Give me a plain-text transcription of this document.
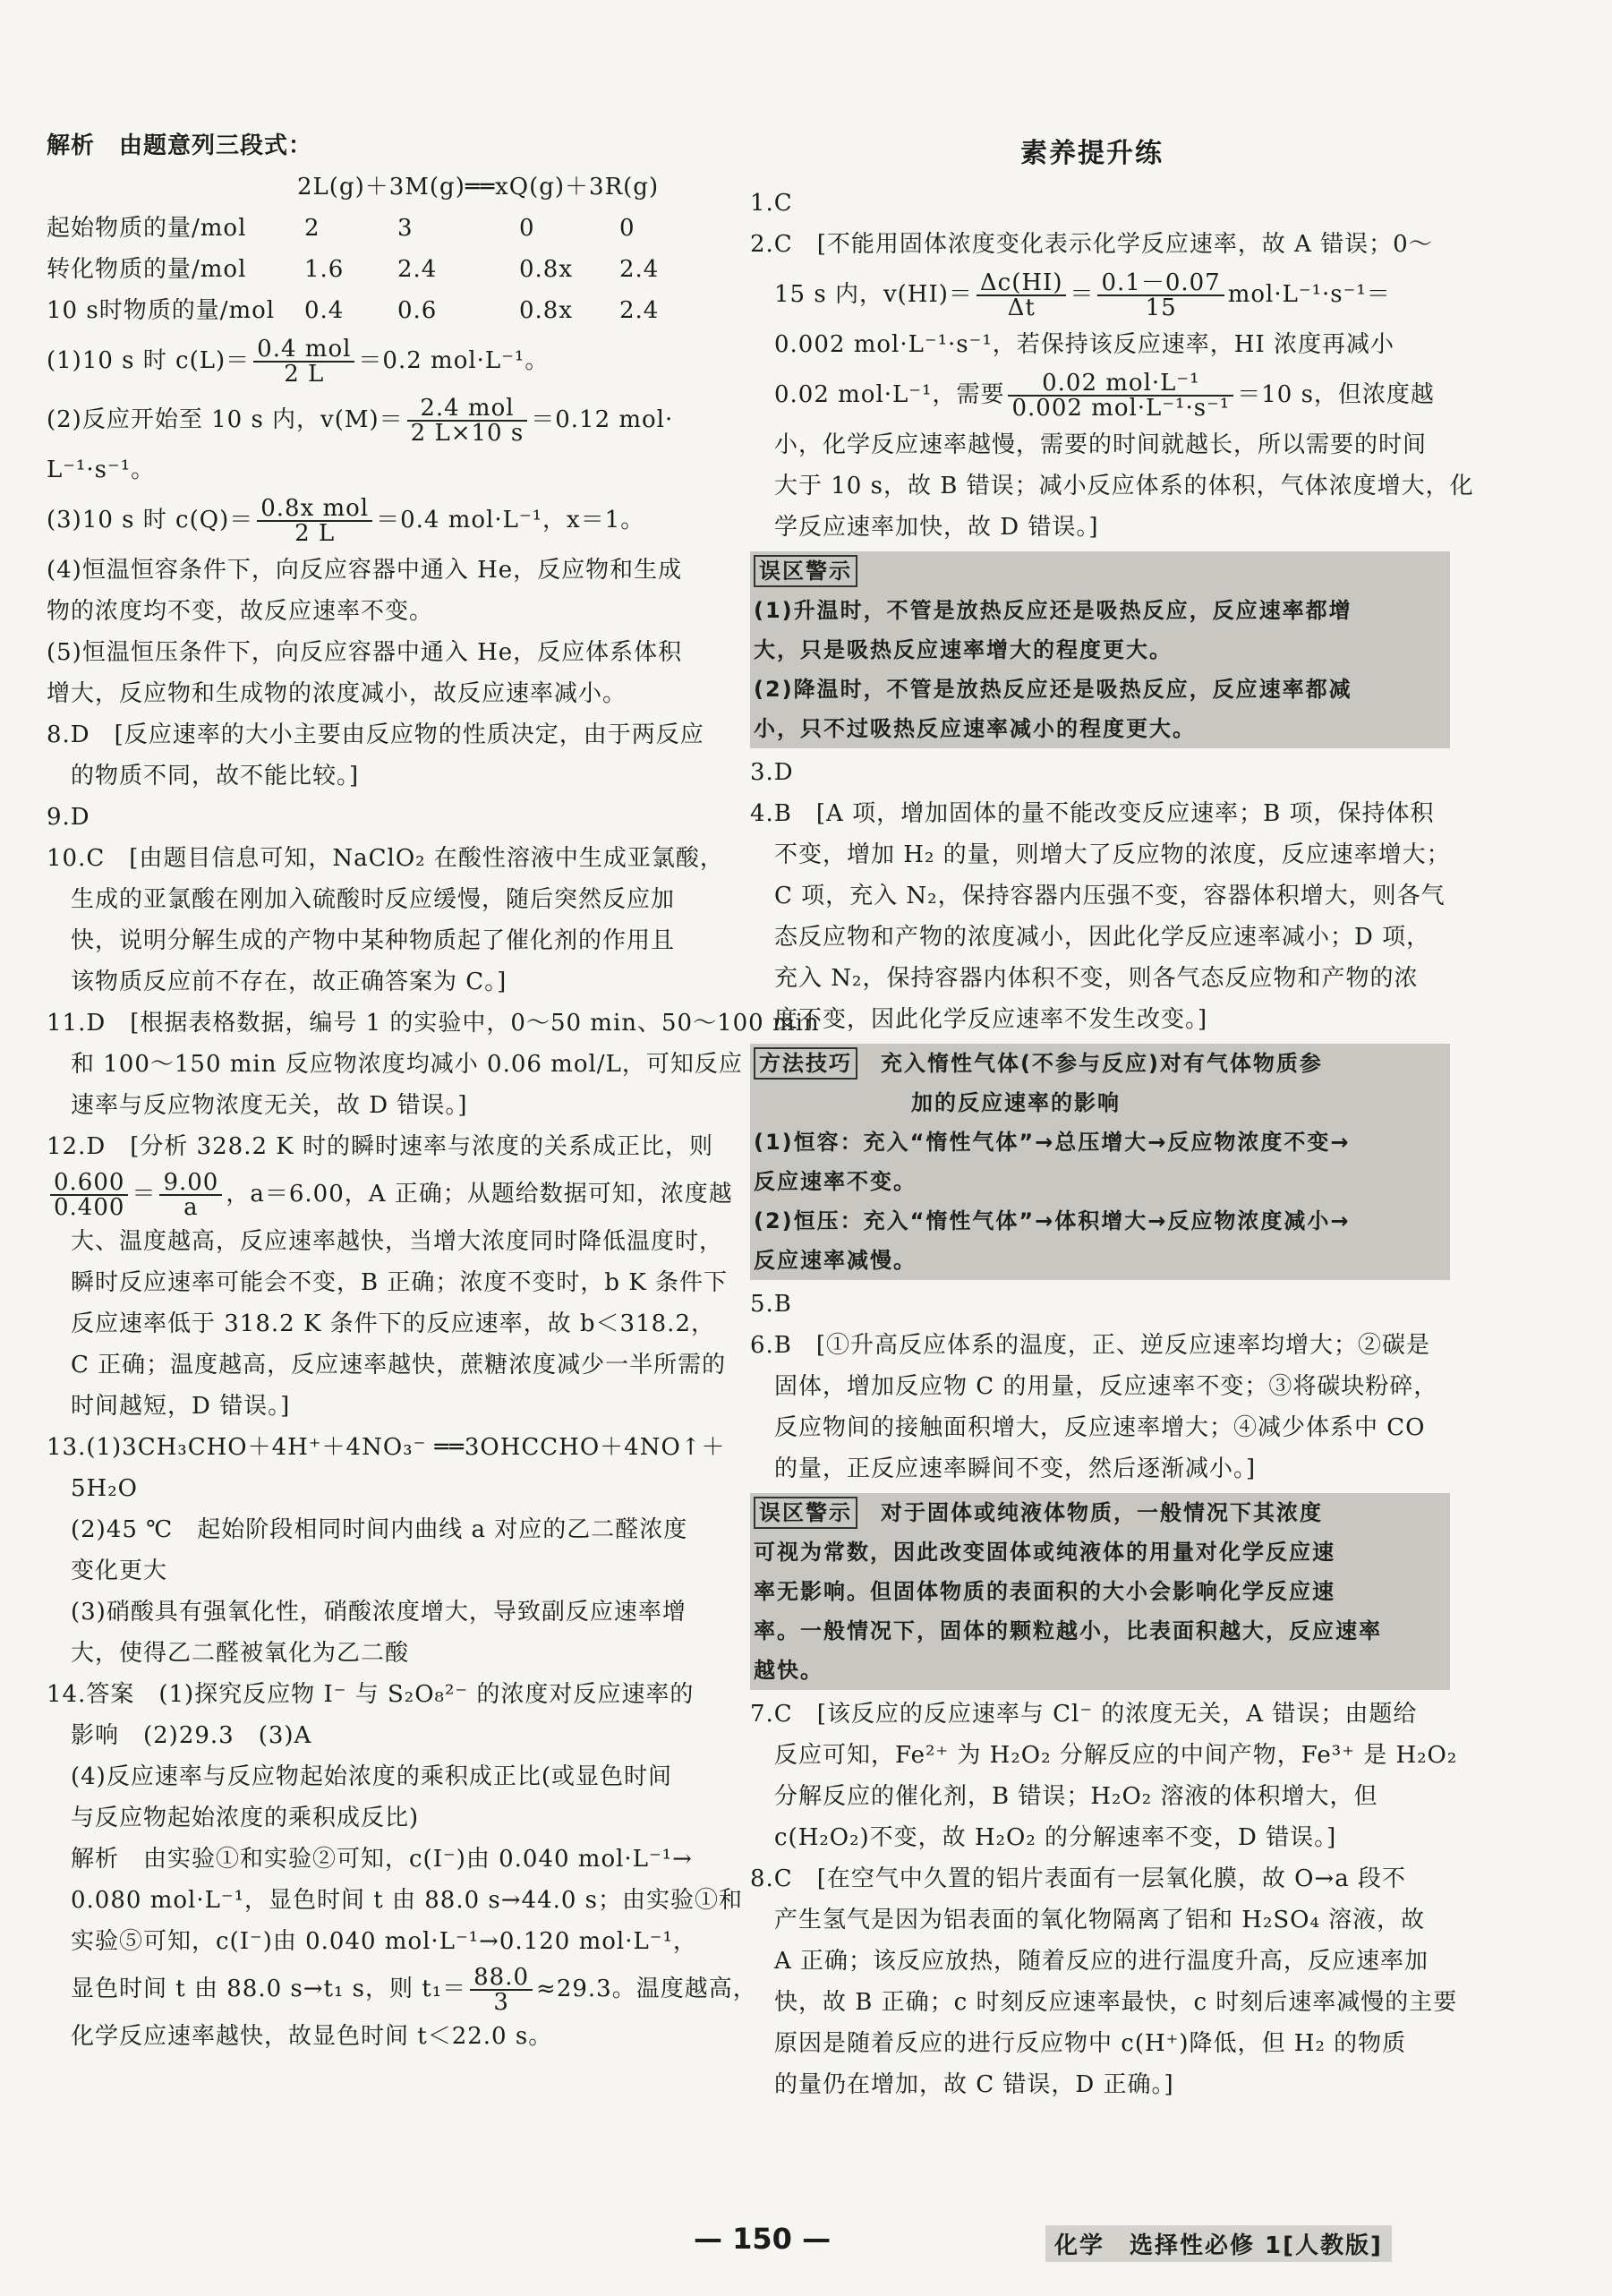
解析　由题意列三段式：

2L(g)＋3M(g)══xQ(g)＋3R(g)

起始物质的量/mol	2	3	0	0
转化物质的量/mol	1.6	2.4	0.8x	2.4
10 s时物质的量/mol	0.4	0.6	0.8x	2.4

(1)10 s 时 $c(L)= \frac{\text{0.4 mol}}{2 L} =0.2$ mol·L⁻¹。

(2)反应开始至 10 s 内，$v(M)= \frac{\text{2.4 mol}}{2 L\times 10 s} =0.12$ mol·

L⁻¹·s⁻¹。

(3)10 s 时 $c(Q)= \frac{\text{0.8x mol}}{2 L} =0.4$ mol·L⁻¹，x＝1。

(4)恒温恒容条件下，向反应容器中通入 He，反应物和生成

物的浓度均不变，故反应速率不变。

(5)恒温恒压条件下，向反应容器中通入 He，反应体系体积

增大，反应物和生成物的浓度减小，故反应速率减小。

8.D　[反应速率的大小主要由反应物的性质决定，由于两反应

　的物质不同，故不能比较。]

9.D

10.C　[由题目信息可知，NaClO₂ 在酸性溶液中生成亚氯酸，

　生成的亚氯酸在刚加入硫酸时反应缓慢，随后突然反应加

　快，说明分解生成的产物中某种物质起了催化剂的作用且

　该物质反应前不存在，故正确答案为 C。]

11.D　[根据表格数据，编号 1 的实验中，0～50 min、50～100 min

　和 100～150 min 反应物浓度均减小 0.06 mol/L，可知反应

　速率与反应物浓度无关，故 D 错误。]

12.D　[分析 328.2 K 时的瞬时速率与浓度的关系成正比，则

$\frac{0.600}{0.400} = \frac{9.00}{a}$ ，a＝6.00，A 正确；从题给数据可知，浓度越

　大、温度越高，反应速率越快，当增大浓度同时降低温度时，

　瞬时反应速率可能会不变，B 正确；浓度不变时，b K 条件下

　反应速率低于 318.2 K 条件下的反应速率，故 b＜318.2，

　C 正确；温度越高，反应速率越快，蔗糖浓度减少一半所需的

　时间越短，D 错误。]

13.(1)3CH₃CHO＋4H⁺＋4NO₃⁻ ══3OHCCHO＋4NO↑＋

　5H₂O

　(2)45 ℃　起始阶段相同时间内曲线 a 对应的乙二醛浓度

　变化更大

　(3)硝酸具有强氧化性，硝酸浓度增大，导致副反应速率增

　大，使得乙二醛被氧化为乙二酸

14.答案　(1)探究反应物 I⁻ 与 S₂O₈²⁻ 的浓度对反应速率的

　影响　(2)29.3　(3)A

　(4)反应速率与反应物起始浓度的乘积成正比(或显色时间

　与反应物起始浓度的乘积成反比)

　解析　由实验①和实验②可知，c(I⁻)由 0.040 mol·L⁻¹→

　0.080 mol·L⁻¹，显色时间 t 由 88.0 s→44.0 s；由实验①和

　实验⑤可知，c(I⁻)由 0.040 mol·L⁻¹→0.120 mol·L⁻¹，

　显色时间 t 由 88.0 s→t₁ s，则 $t_1= \frac{88.0}{3} \approx 29.3$。温度越高，

　化学反应速率越快，故显色时间 t＜22.0 s。

素养提升练

1.C

2.C　[不能用固体浓度变化表示化学反应速率，故 A 错误；0～

　15 s 内，$v(HI)= \frac{\Delta c(HI)}{\Delta t} = \frac{0.1-0.07}{15} mol\cdot L^{-1}\cdot s^{-1}=$

　0.002 mol·L⁻¹·s⁻¹，若保持该反应速率，HI 浓度再减小

　0.02 mol·L⁻¹，需要 $\frac{\text{0.02 mol·L⁻¹}}{\text{0.002 mol·L⁻¹·s⁻¹}} =10$ s，但浓度越

　小，化学反应速率越慢，需要的时间就越长，所以需要的时间

　大于 10 s，故 B 错误；减小反应体系的体积，气体浓度增大，化

　学反应速率加快，故 D 错误。]

误区警示
(1)升温时，不管是放热反应还是吸热反应，反应速率都增
大，只是吸热反应速率增大的程度更大。
(2)降温时，不管是放热反应还是吸热反应，反应速率都减
小，只不过吸热反应速率减小的程度更大。

3.D

4.B　[A 项，增加固体的量不能改变反应速率；B 项，保持体积

　不变，增加 H₂ 的量，则增大了反应物的浓度，反应速率增大；

　C 项，充入 N₂，保持容器内压强不变，容器体积增大，则各气

　态反应物和产物的浓度减小，因此化学反应速率减小；D 项，

　充入 N₂，保持容器内体积不变，则各气态反应物和产物的浓

　度不变，因此化学反应速率不发生改变。]

方法技巧　 充入惰性气体(不参与反应)对有气体物质参
加的反应速率的影响
(1)恒容：充入“惰性气体”→总压增大→反应物浓度不变→
反应速率不变。
(2)恒压：充入“惰性气体”→体积增大→反应物浓度减小→
反应速率减慢。

5.B

6.B　[①升高反应体系的温度，正、逆反应速率均增大；②碳是

　固体，增加反应物 C 的用量，反应速率不变；③将碳块粉碎，

　反应物间的接触面积增大，反应速率增大；④减少体系中 CO

　的量，正反应速率瞬间不变，然后逐渐减小。]

误区警示　 对于固体或纯液体物质，一般情况下其浓度
可视为常数，因此改变固体或纯液体的用量对化学反应速
率无影响。但固体物质的表面积的大小会影响化学反应速
率。一般情况下，固体的颗粒越小，比表面积越大，反应速率
越快。

7.C　[该反应的反应速率与 Cl⁻ 的浓度无关，A 错误；由题给

　反应可知，Fe²⁺ 为 H₂O₂ 分解反应的中间产物，Fe³⁺ 是 H₂O₂

　分解反应的催化剂，B 错误；H₂O₂ 溶液的体积增大，但

　c(H₂O₂)不变，故 H₂O₂ 的分解速率不变，D 错误。]

8.C　[在空气中久置的铝片表面有一层氧化膜，故 O→a 段不

　产生氢气是因为铝表面的氧化物隔离了铝和 H₂SO₄ 溶液，故

　A 正确；该反应放热，随着反应的进行温度升高，反应速率加

　快，故 B 正确；c 时刻反应速率最快，c 时刻后速率减慢的主要

　原因是随着反应的进行反应物中 c(H⁺)降低，但 H₂ 的物质

　的量仍在增加，故 C 错误，D 正确。]

— 150 —	化学　选择性必修 1[人教版]
